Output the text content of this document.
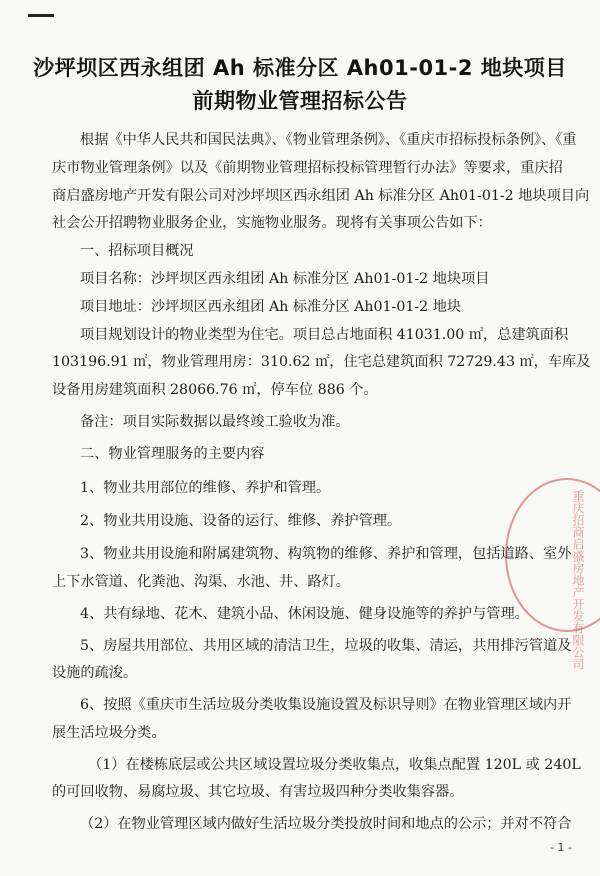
沙坪坝区西永组团 Ah 标准分区 Ah01-01-2 地块项目
前期物业管理招标公告
根据《中华人民共和国民法典》、《物业管理条例》、《重庆市招标投标条例》、《重
庆市物业管理条例》以及《前期物业管理招标投标管理暂行办法》等要求，重庆招
商启盛房地产开发有限公司对沙坪坝区西永组团 Ah 标准分区 Ah01-01-2 地块项目向
社会公开招聘物业服务企业，实施物业服务。现将有关事项公告如下：
一、招标项目概况
项目名称：沙坪坝区西永组团 Ah 标准分区 Ah01-01-2 地块项目
项目地址：沙坪坝区西永组团 Ah 标准分区 Ah01-01-2 地块
项目规划设计的物业类型为住宅。项目总占地面积 41031.00 ㎡，总建筑面积
103196.91 ㎡，物业管理用房：310.62 ㎡，住宅总建筑面积 72729.43 ㎡，车库及
设备用房建筑面积 28066.76 ㎡，停车位 886 个。
备注：项目实际数据以最终竣工验收为准。
二、物业管理服务的主要内容
1、物业共用部位的维修、养护和管理。
2、物业共用设施、设备的运行、维修、养护管理。
3、物业共用设施和附属建筑物、构筑物的维修、养护和管理，包括道路、室外
上下水管道、化粪池、沟渠、水池、井、路灯。
4、共有绿地、花木、建筑小品、休闲设施、健身设施等的养护与管理。
5、房屋共用部位、共用区域的清洁卫生，垃圾的收集、清运，共用排污管道及
设施的疏浚。
6、按照《重庆市生活垃圾分类收集设施设置及标识导则》在物业管理区域内开
展生活垃圾分类。
（1）在楼栋底层或公共区域设置垃圾分类收集点，收集点配置 120L 或 240L
的可回收物、易腐垃圾、其它垃圾、有害垃圾四种分类收集容器。
（2）在物业管理区域内做好生活垃圾分类投放时间和地点的公示；并对不符合
重庆招商启盛房地产开发有限公司
- 1 -
